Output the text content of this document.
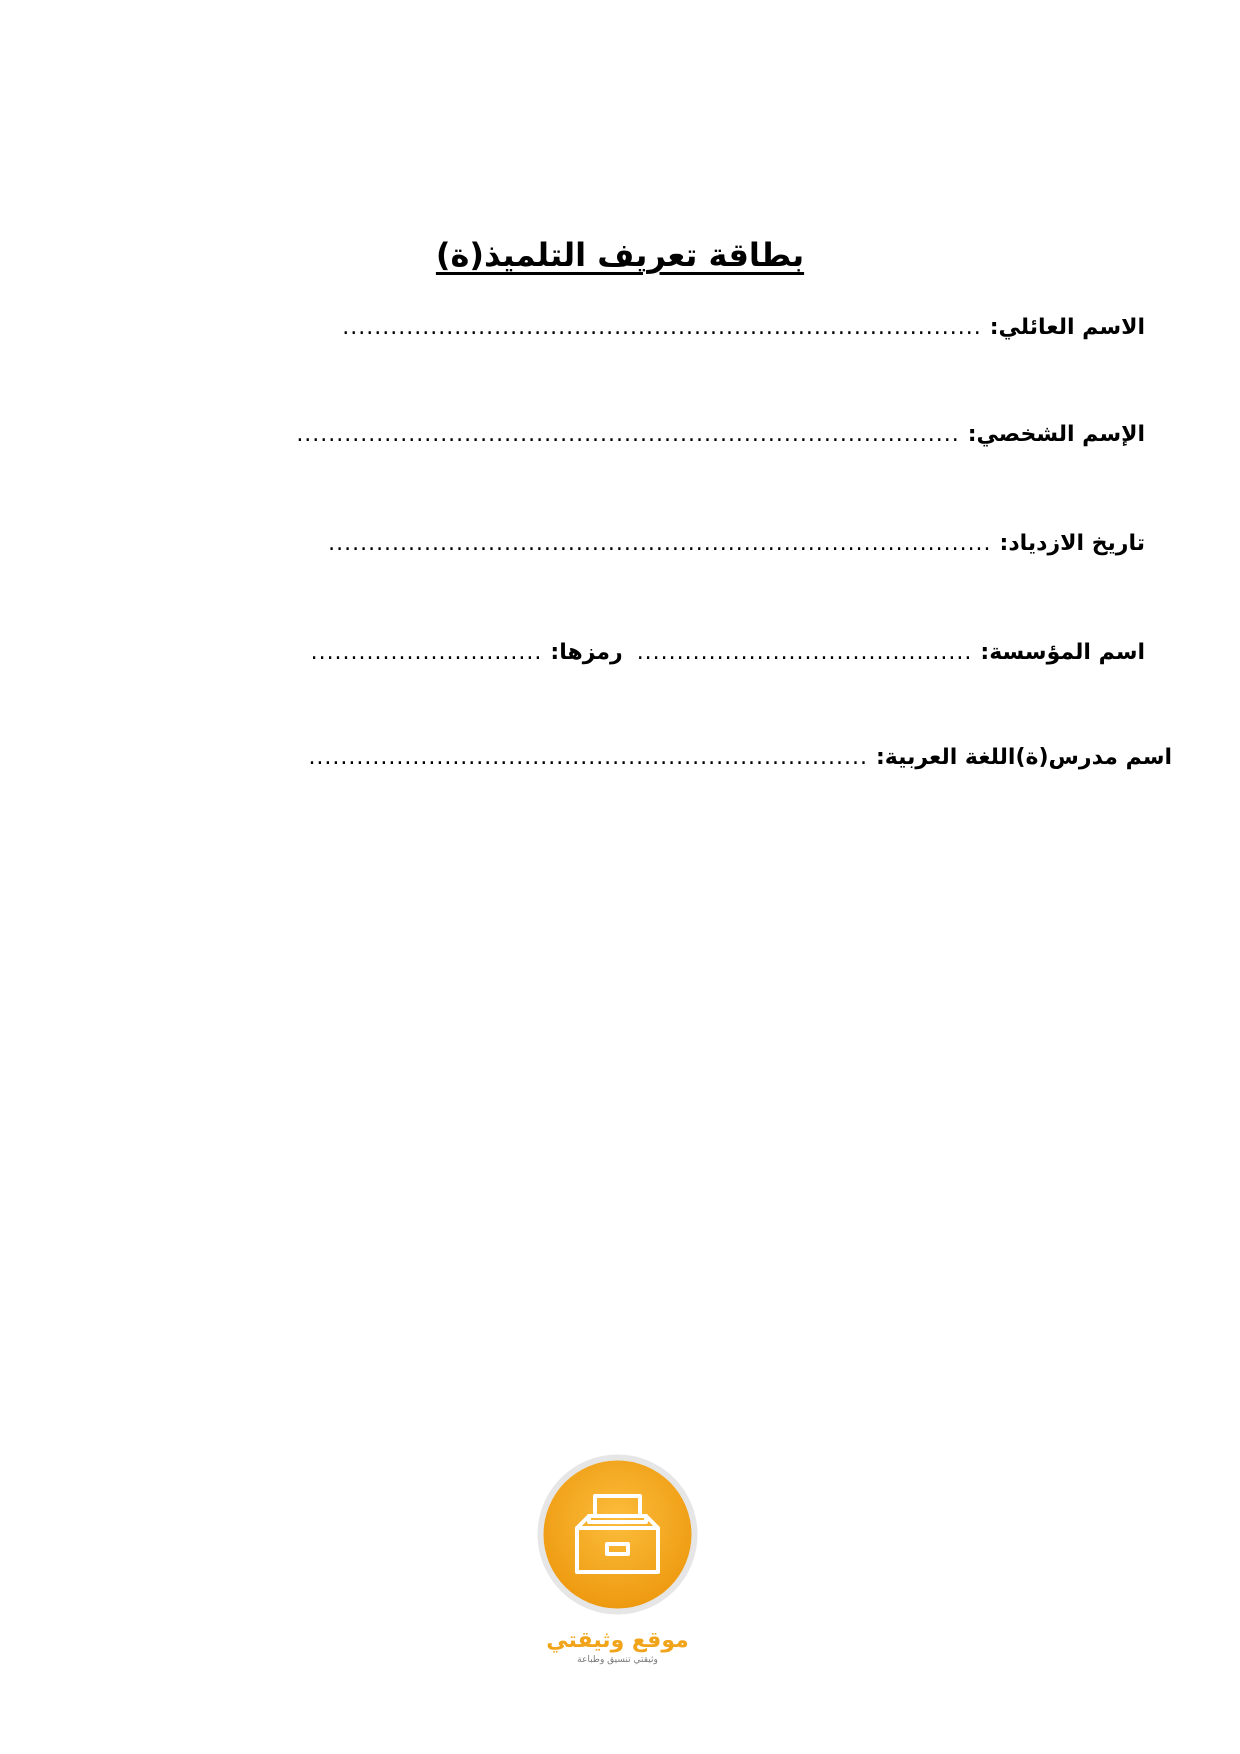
بطاقة تعريف التلميذ(ة)
الاسم العائلي:
................................................................................
الإسم الشخصي:
...................................................................................
تاريخ الازدياد:
...................................................................................
اسم المؤسسة:
..........................................
رمزها:
.............................
اسم مدرس(ة)اللغة العربية:
......................................................................
موقع وثيقتي
وثيقتي تنسيق وطباعة
